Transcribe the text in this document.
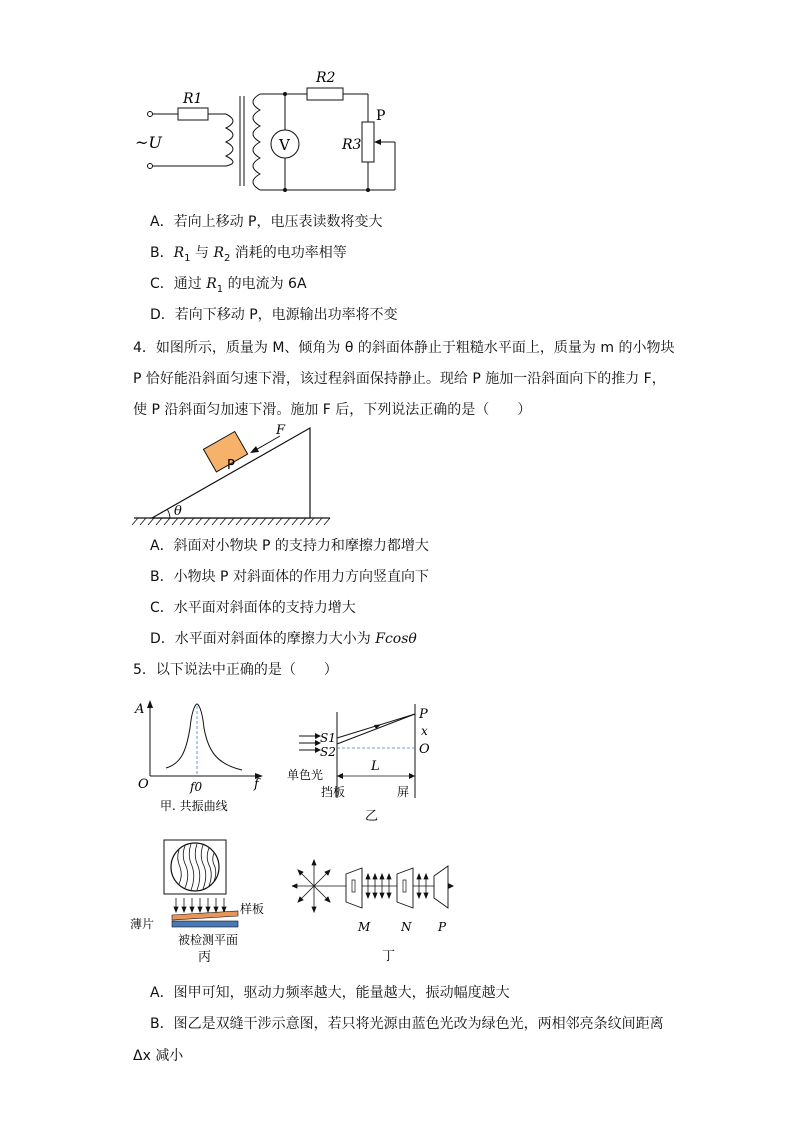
~U
R1
V
R2
R3
P
A．若向上移动 P，电压表读数将变大
B．$R_1$ 与 $R_2$ 消耗的电功率相等
C．通过 $R_1$ 的电流为 6A
D．若向下移动 P，电源输出功率将不变
4．如图所示，质量为 M、倾角为 θ 的斜面体静止于粗糙水平面上，质量为 m 的小物块
P 恰好能沿斜面匀速下滑，该过程斜面保持静止。现给 P 施加一沿斜面向下的推力 F，
使 P 沿斜面匀加速下滑。施加 F 后，下列说法正确的是（　　）
θ
P
F
A．斜面对小物块 P 的支持力和摩擦力都增大
B．小物块 P 对斜面体的作用力方向竖直向下
C．水平面对斜面体的支持力增大
D．水平面对斜面体的摩擦力大小为 Fcosθ
5．以下说法中正确的是（　　）
A
f
O	f0
甲. 共振曲线
S1
S2
P
x
O
L
单色光
挡板	屏
乙
薄片
样板
被检测平面
丙
M	N P
丁
A．图甲可知，驱动力频率越大，能量越大，振动幅度越大
B．图乙是双缝干涉示意图，若只将光源由蓝色光改为绿色光，两相邻亮条纹间距离
Δx 减小
